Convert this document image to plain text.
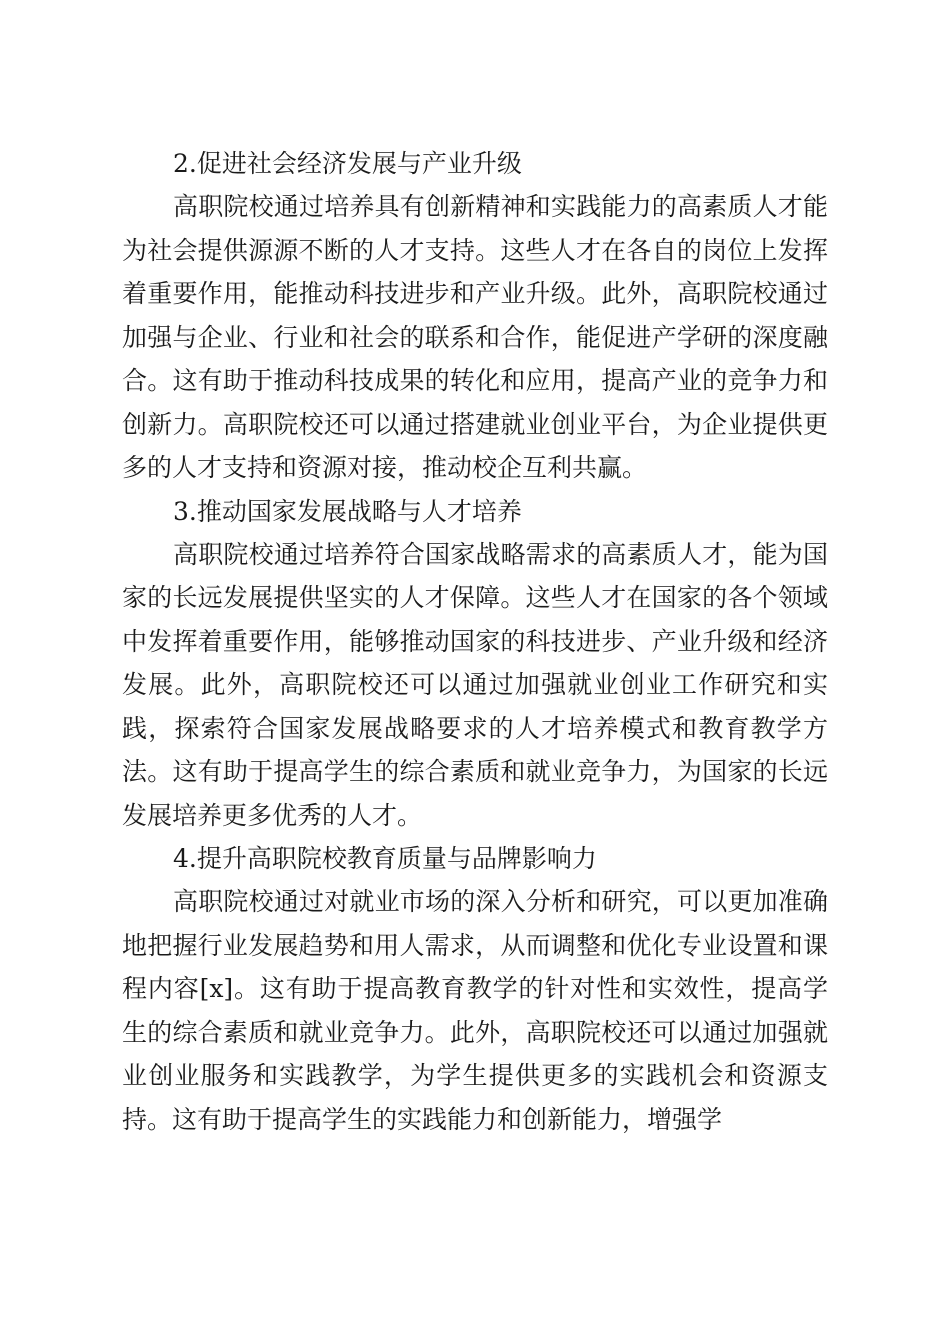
2.促进社会经济发展与产业升级

高职院校通过培养具有创新精神和实践能力的高素质人才能为社会提供源源不断的人才支持。这些人才在各自的岗位上发挥着重要作用，能推动科技进步和产业升级。此外，高职院校通过加强与企业、行业和社会的联系和合作，能促进产学研的深度融合。这有助于推动科技成果的转化和应用，提高产业的竞争力和创新力。高职院校还可以通过搭建就业创业平台，为企业提供更多的人才支持和资源对接，推动校企互利共赢。

3.推动国家发展战略与人才培养

高职院校通过培养符合国家战略需求的高素质人才，能为国家的长远发展提供坚实的人才保障。这些人才在国家的各个领域中发挥着重要作用，能够推动国家的科技进步、产业升级和经济发展。此外，高职院校还可以通过加强就业创业工作研究和实践，探索符合国家发展战略要求的人才培养模式和教育教学方法。这有助于提高学生的综合素质和就业竞争力，为国家的长远发展培养更多优秀的人才。

4.提升高职院校教育质量与品牌影响力

高职院校通过对就业市场的深入分析和研究，可以更加准确地把握行业发展趋势和用人需求，从而调整和优化专业设置和课程内容[x]。这有助于提高教育教学的针对性和实效性，提高学生的综合素质和就业竞争力。此外，高职院校还可以通过加强就业创业服务和实践教学，为学生提供更多的实践机会和资源支持。这有助于提高学生的实践能力和创新能力，增强学
